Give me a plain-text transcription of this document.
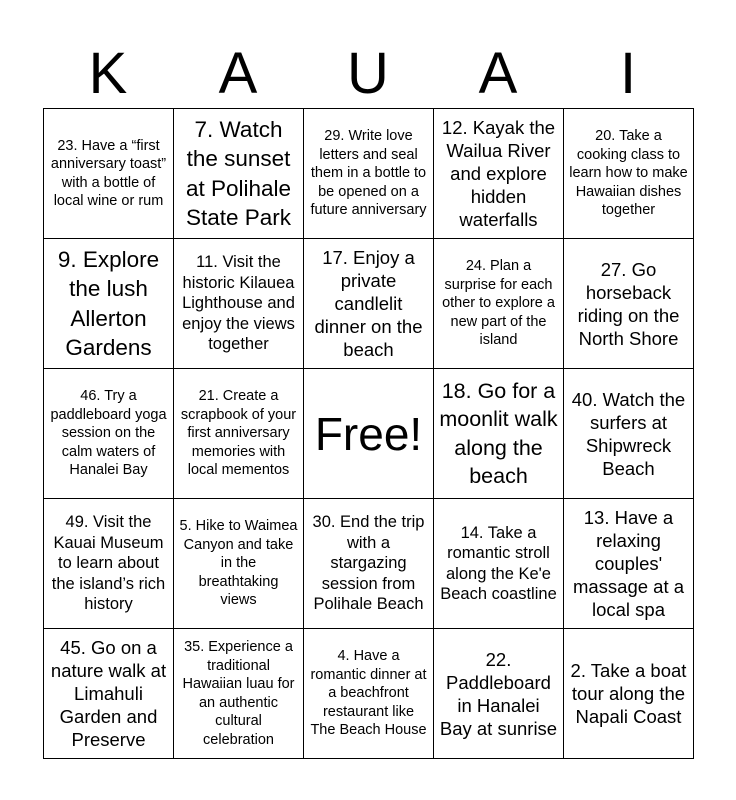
K	A	U	A	I
23. Have a “first anniversary toast” with a bottle of local wine or rum	7. Watch the sunset at Polihale State Park	29. Write love letters and seal them in a bottle to be opened on a future anniversary	12. Kayak the Wailua River and explore hidden waterfalls	20. Take a cooking class to learn how to make Hawaiian dishes together
9. Explore the lush Allerton Gardens	11. Visit the historic Kilauea Lighthouse and enjoy the views together	17. Enjoy a private candlelit dinner on the beach	24. Plan a surprise for each other to explore a new part of the island	27. Go horseback riding on the North Shore
46. Try a paddleboard yoga session on the calm waters of Hanalei Bay	21. Create a scrapbook of your first anniversary memories with local mementos	Free!	18. Go for a moonlit walk along the beach	40. Watch the surfers at Shipwreck Beach
49. Visit the Kauai Museum to learn about the island’s rich history	5. Hike to Waimea Canyon and take in the breathtaking views	30. End the trip with a stargazing session from Polihale Beach	14. Take a romantic stroll along the Ke'e Beach coastline	13. Have a relaxing couples' massage at a local spa
45. Go on a nature walk at Limahuli Garden and Preserve	35. Experience a traditional Hawaiian luau for an authentic cultural celebration	4. Have a romantic dinner at a beachfront restaurant like The Beach House	22. Paddleboard in Hanalei Bay at sunrise	2. Take a boat tour along the Napali Coast
